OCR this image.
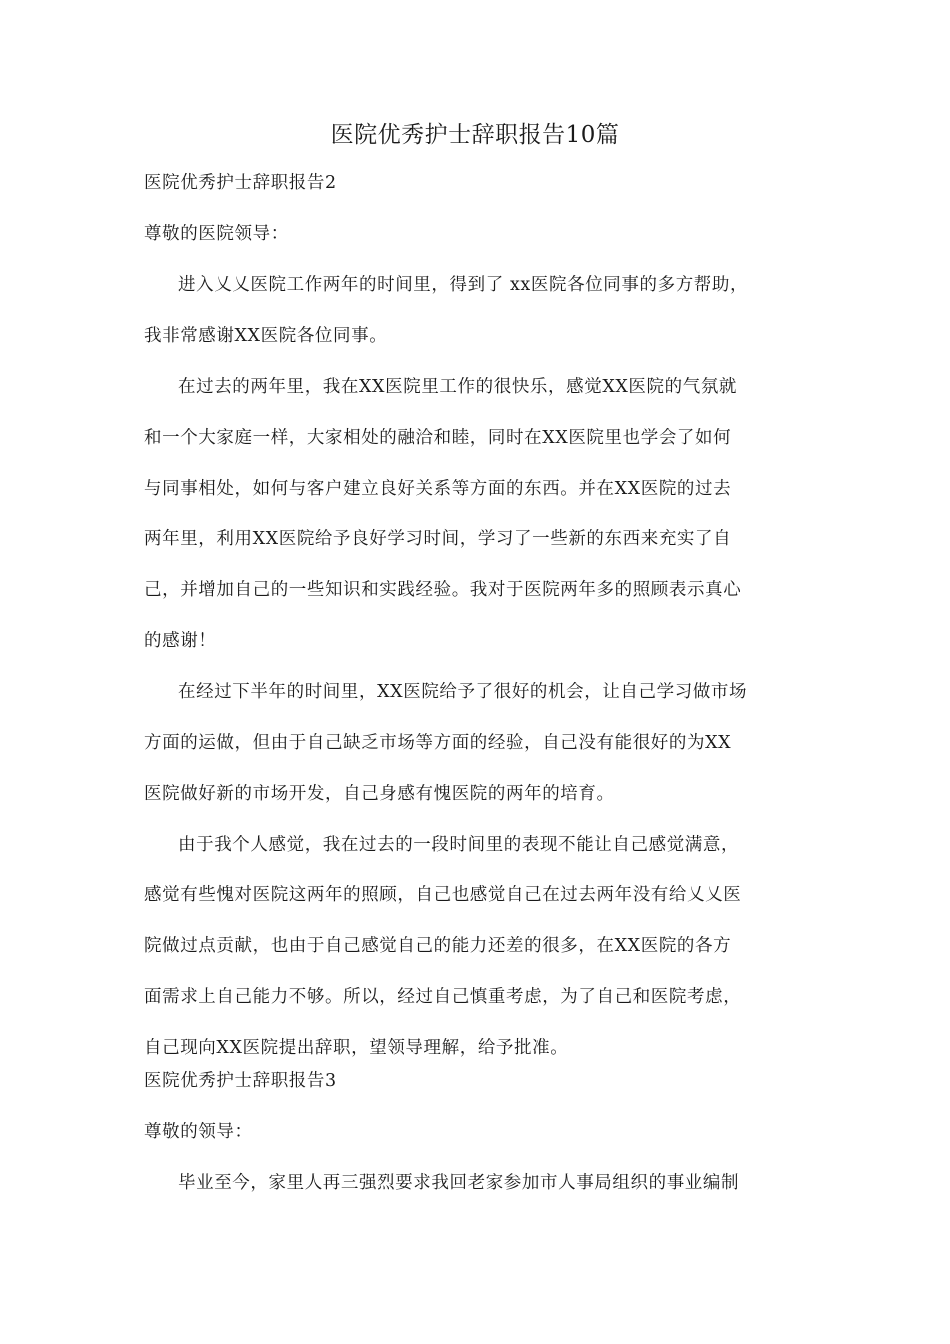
医院优秀护士辞职报告10篇

医院优秀护士辞职报告2

尊敬的医院领导：

进入乂乂医院工作两年的时间里，得到了 xx医院各位同事的多方帮助，

我非常感谢XX医院各位同事。

在过去的两年里，我在XX医院里工作的很快乐，感觉XX医院的气氛就

和一个大家庭一样，大家相处的融洽和睦，同时在XX医院里也学会了如何

与同事相处，如何与客户建立良好关系等方面的东西。并在XX医院的过去

两年里，利用XX医院给予良好学习时间，学习了一些新的东西来充实了自

己，并增加自己的一些知识和实践经验。我对于医院两年多的照顾表示真心

的感谢！

在经过下半年的时间里，XX医院给予了很好的机会，让自己学习做市场

方面的运做，但由于自己缺乏市场等方面的经验，自己没有能很好的为XX

医院做好新的市场开发，自己身感有愧医院的两年的培育。

由于我个人感觉，我在过去的一段时间里的表现不能让自己感觉满意，

感觉有些愧对医院这两年的照顾，自己也感觉自己在过去两年没有给乂乂医

院做过点贡献，也由于自己感觉自己的能力还差的很多，在XX医院的各方

面需求上自己能力不够。所以，经过自己慎重考虑，为了自己和医院考虑，

自己现向XX医院提出辞职，望领导理解，给予批准。

医院优秀护士辞职报告3

尊敬的领导：

毕业至今，家里人再三强烈要求我回老家参加市人事局组织的事业编制
